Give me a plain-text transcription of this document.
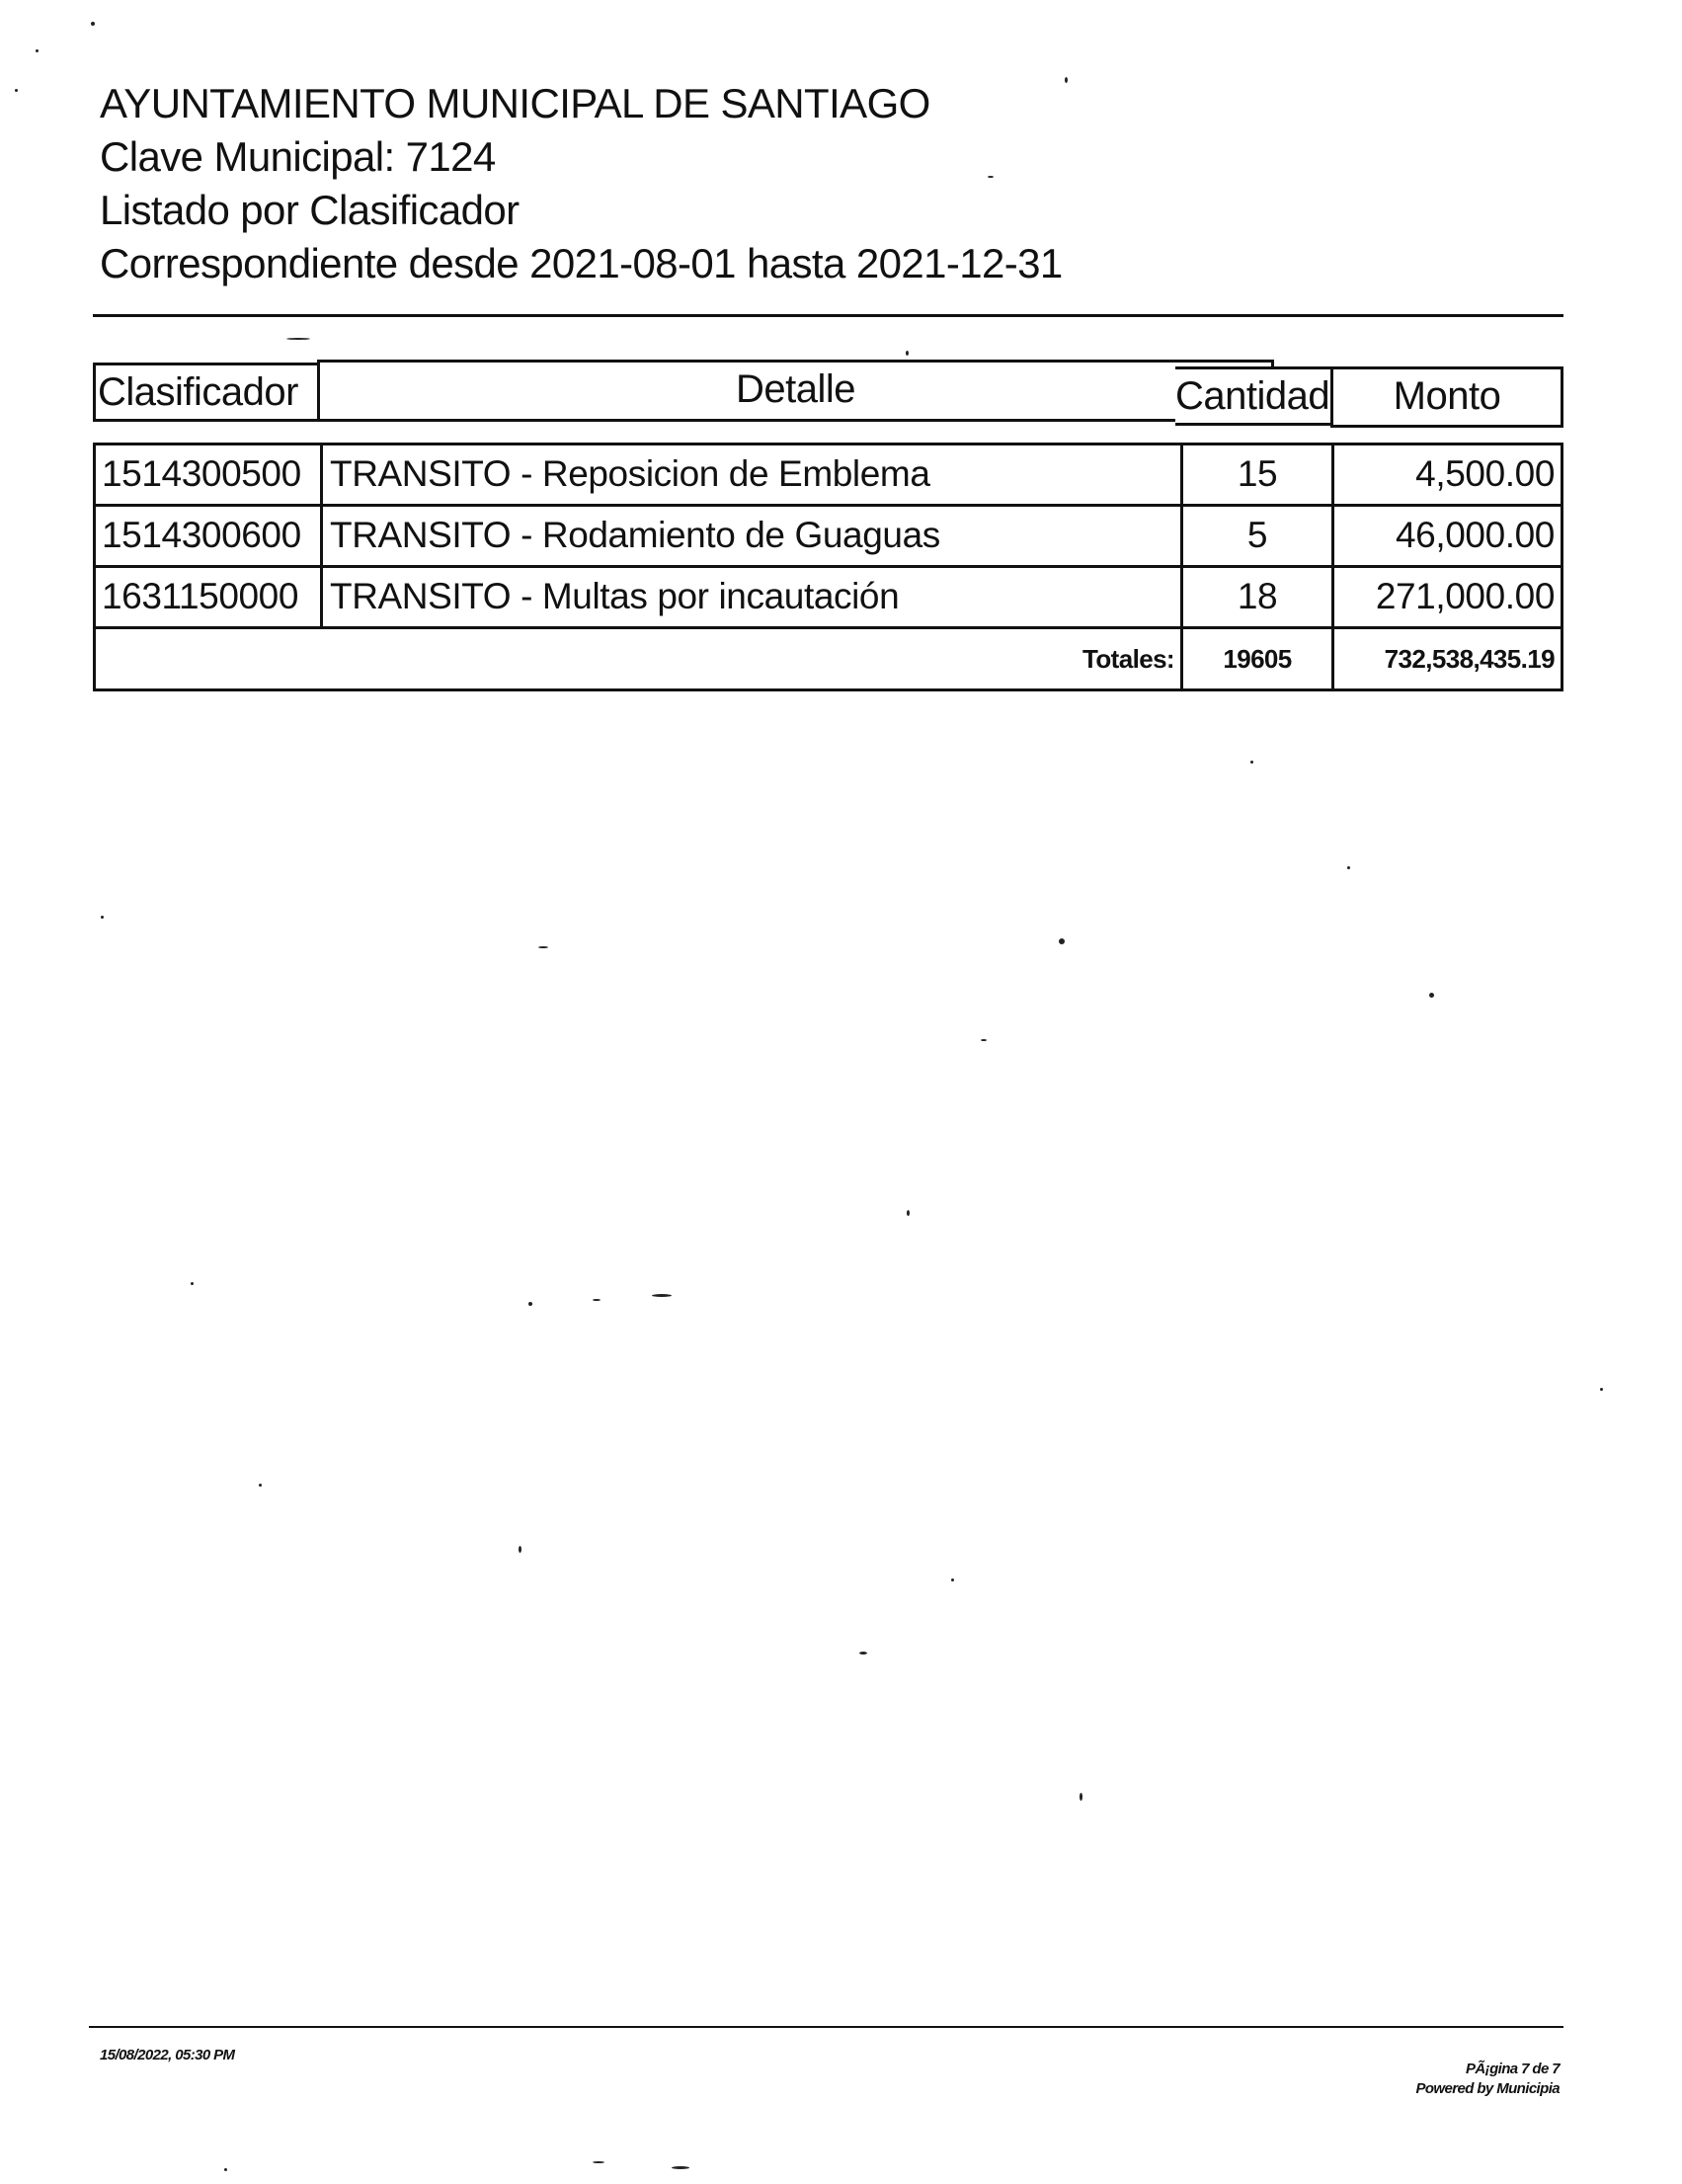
AYUNTAMIENTO MUNICIPAL DE SANTIAGO
Clave Municipal: 7124
Listado por Clasificador
Correspondiente desde 2021-08-01 hasta 2021-12-31
Clasificador	Detalle	Cantidad	Monto
1514300500 TRANSITO - Reposicion de Emblema	15	4,500.00
1514300600 TRANSITO - Rodamiento de Guaguas	5	46,000.00
1631150000 TRANSITO - Multas por incautación	18	271,000.00
Totales:	19605	732,538,435.19
15/08/2022, 05:30 PM
PÃ¡gina 7 de 7
Powered by Municipia
